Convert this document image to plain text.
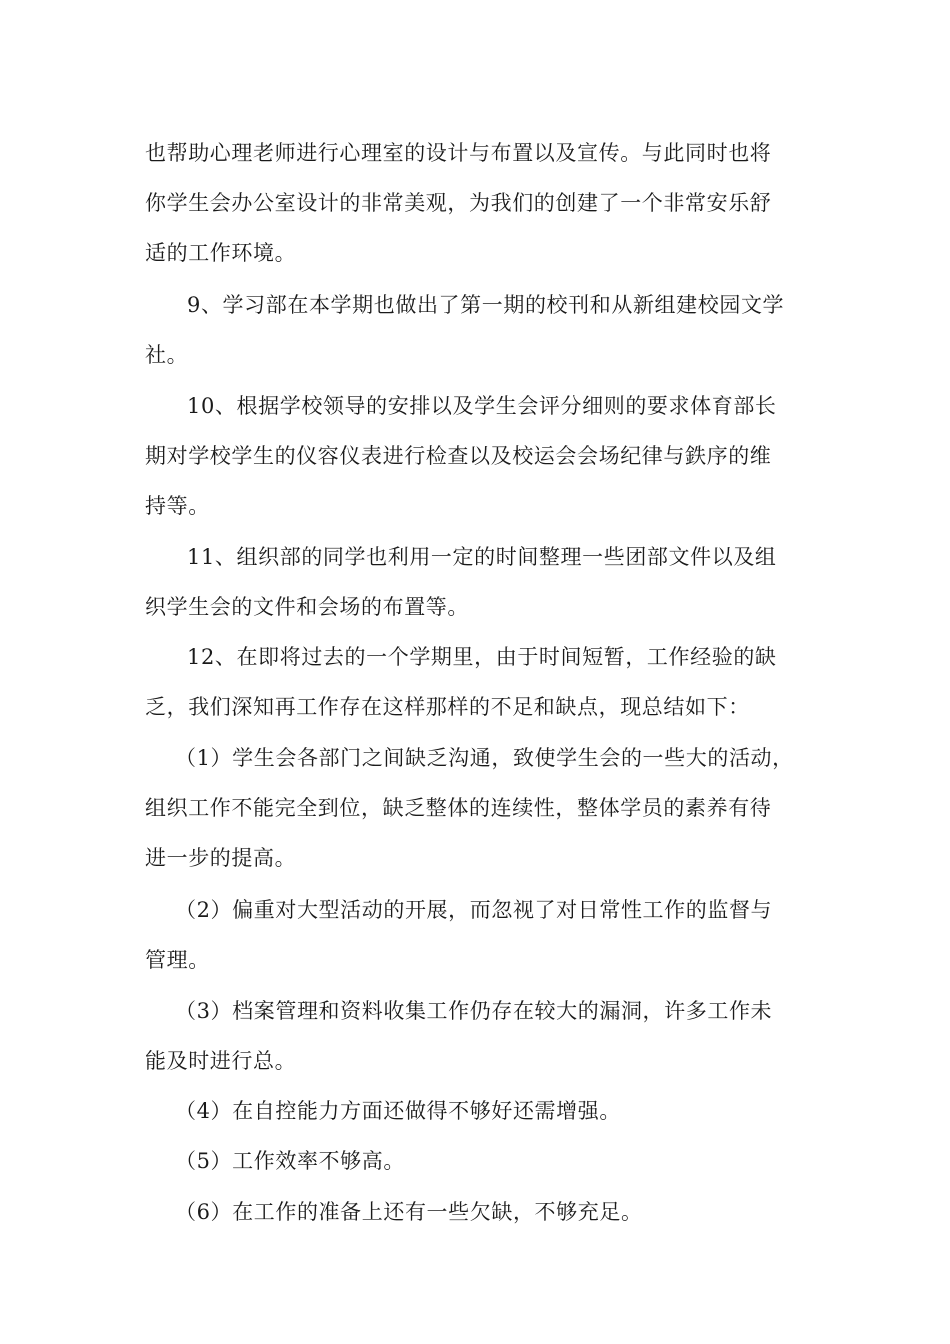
也帮助心理老师进行心理室的设计与布置以及宣传。与此同时也将
你学生会办公室设计的非常美观，为我们的创建了一个非常安乐舒
适的工作环境。
9、学习部在本学期也做出了第一期的校刊和从新组建校园文学
社。
10、根据学校领导的安排以及学生会评分细则的要求体育部长
期对学校学生的仪容仪表进行检查以及校运会会场纪律与鉄序的维
持等。
11、组织部的同学也利用一定的时间整理一些团部文件以及组
织学生会的文件和会场的布置等。
12、在即将过去的一个学期里，由于时间短暂，工作经验的缺
乏，我们深知再工作存在这样那样的不足和缺点，现总结如下：
（1）学生会各部门之间缺乏沟通，致使学生会的一些大的活动，
组织工作不能完全到位，缺乏整体的连续性，整体学员的素养有待
进一步的提高。
（2）偏重对大型活动的开展，而忽视了对日常性工作的监督与
管理。
（3）档案管理和资料收集工作仍存在较大的漏洞，许多工作未
能及时进行总。
（4）在自控能力方面还做得不够好还需增强。
（5）工作效率不够高。
（6）在工作的准备上还有一些欠缺，不够充足。
